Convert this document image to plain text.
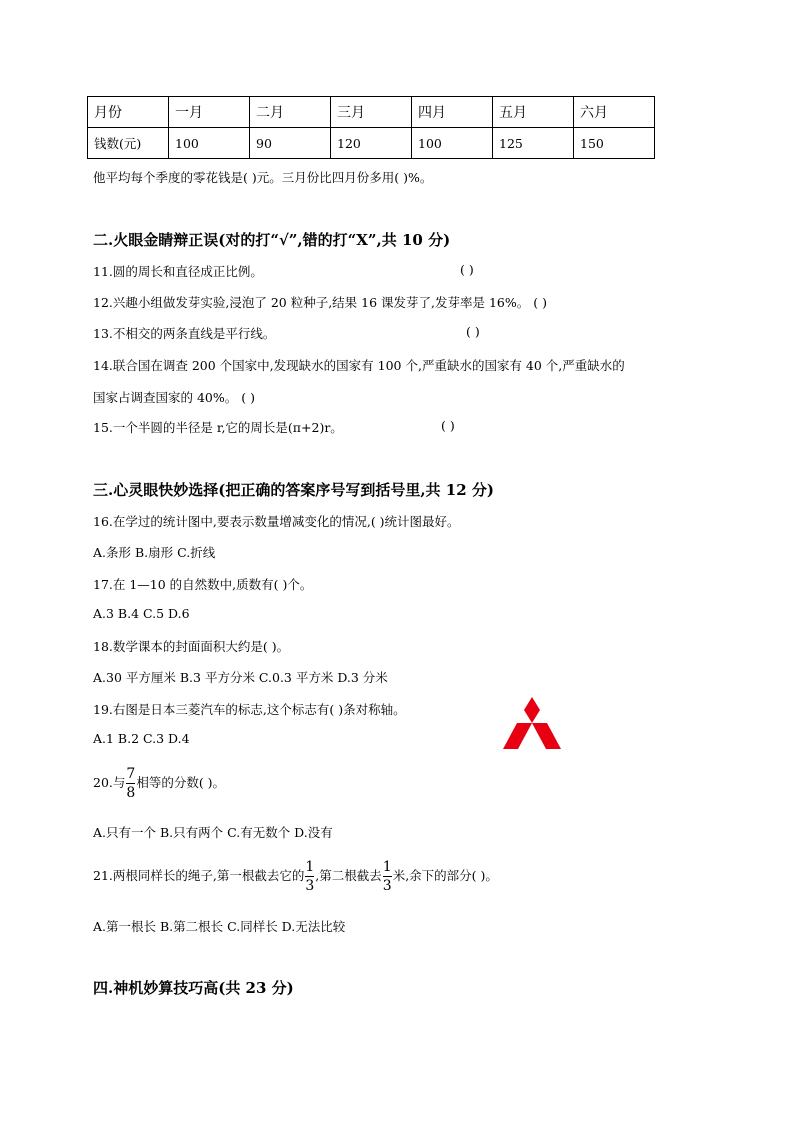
月份	一月	二月	三月	四月	五月	六月
钱数(元)	100	90	120	100	125	150
他平均每个季度的零花钱是( )元。三月份比四月份多用( )%。
二.火眼金睛辩正误(对的打“√”,错的打“X”,共 10 分)
11.圆的周长和直径成正比例。	( )
12.兴趣小组做发芽实验,浸泡了 20 粒种子,结果 16 课发芽了,发芽率是 16%。 ( )
13.不相交的两条直线是平行线。	( )
14.联合国在调查 200 个国家中,发现缺水的国家有 100 个,严重缺水的国家有 40 个,严重缺水的
国家占调查国家的 40%。 ( )
15.一个半圆的半径是 r,它的周长是(π+2)r。	( )
三.心灵眼快妙选择(把正确的答案序号写到括号里,共 12 分)
16.在学过的统计图中,要表示数量增减变化的情况,( )统计图最好。
A.条形 B.扇形 C.折线
17.在 1—10 的自然数中,质数有( )个。
A.3 B.4 C.5 D.6
18.数学课本的封面面积大约是( )。
A.30 平方厘米 B.3 平方分米 C.0.3 平方米 D.3 分米
19.右图是日本三菱汽车的标志,这个标志有( )条对称轴。
A.1 B.2 C.3 D.4
20.与 $\frac{7}{8}$ 相等的分数( )。
A.只有一个 B.只有两个 C.有无数个 D.没有
21.两根同样长的绳子,第一根截去它的 $\frac{1}{3}$ ,第二根截去 $\frac{1}{3}$ 米,余下的部分( )。
A.第一根长 B.第二根长 C.同样长 D.无法比较
四.神机妙算技巧高(共 23 分)
